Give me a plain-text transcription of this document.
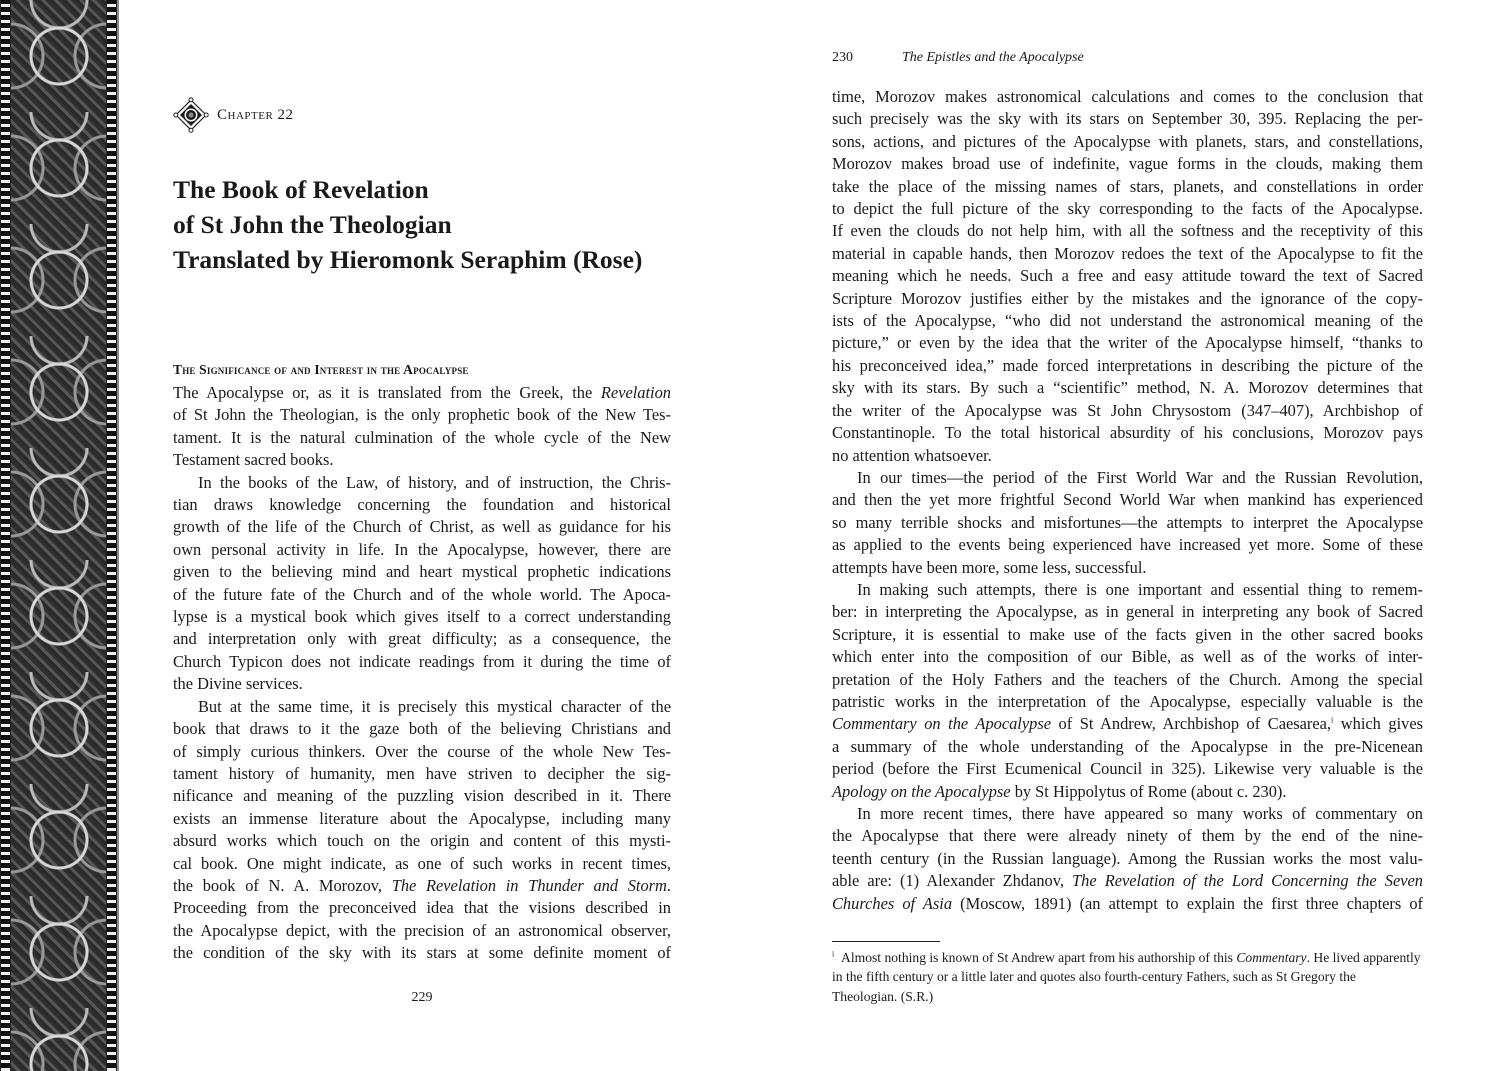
Chapter 22
The Book of Revelation
of St John the Theologian
Translated by Hieromonk Seraphim (Rose)
The Significance of and Interest in the Apocalypse
The Apocalypse or, as it is translated from the Greek, the Revelation
of St John the Theologian, is the only prophetic book of the New Tes-
tament. It is the natural culmination of the whole cycle of the New
Testament sacred books.
In the books of the Law, of history, and of instruction, the Chris-
tian draws knowledge concerning the foundation and historical
growth of the life of the Church of Christ, as well as guidance for his
own personal activity in life. In the Apocalypse, however, there are
given to the believing mind and heart mystical prophetic indications
of the future fate of the Church and of the whole world. The Apoca-
lypse is a mystical book which gives itself to a correct understanding
and interpretation only with great difficulty; as a consequence, the
Church Typicon does not indicate readings from it during the time of
the Divine services.
But at the same time, it is precisely this mystical character of the
book that draws to it the gaze both of the believing Christians and
of simply curious thinkers. Over the course of the whole New Tes-
tament history of humanity, men have striven to decipher the sig-
nificance and meaning of the puzzling vision described in it. There
exists an immense literature about the Apocalypse, including many
absurd works which touch on the origin and content of this mysti-
cal book. One might indicate, as one of such works in recent times,
the book of N. A. Morozov, The Revelation in Thunder and Storm.
Proceeding from the preconceived idea that the visions described in
the Apocalypse depict, with the precision of an astronomical observer,
the condition of the sky with its stars at some definite moment of
229
230	The Epistles and the Apocalypse
time, Morozov makes astronomical calculations and comes to the conclusion that
such precisely was the sky with its stars on September 30, 395. Replacing the per-
sons, actions, and pictures of the Apocalypse with planets, stars, and constellations,
Morozov makes broad use of indefinite, vague forms in the clouds, making them
take the place of the missing names of stars, planets, and constellations in order
to depict the full picture of the sky corresponding to the facts of the Apocalypse.
If even the clouds do not help him, with all the softness and the receptivity of this
material in capable hands, then Morozov redoes the text of the Apocalypse to fit the
meaning which he needs. Such a free and easy attitude toward the text of Sacred
Scripture Morozov justifies either by the mistakes and the ignorance of the copy-
ists of the Apocalypse, “who did not understand the astronomical meaning of the
picture,” or even by the idea that the writer of the Apocalypse himself, “thanks to
his preconceived idea,” made forced interpretations in describing the picture of the
sky with its stars. By such a “scientific” method, N. A. Morozov determines that
the writer of the Apocalypse was St John Chrysostom (347–407), Archbishop of
Constantinople. To the total historical absurdity of his conclusions, Morozov pays
no attention whatsoever.
In our times—the period of the First World War and the Russian Revolution,
and then the yet more frightful Second World War when mankind has experienced
so many terrible shocks and misfortunes—the attempts to interpret the Apocalypse
as applied to the events being experienced have increased yet more. Some of these
attempts have been more, some less, successful.
In making such attempts, there is one important and essential thing to remem-
ber: in interpreting the Apocalypse, as in general in interpreting any book of Sacred
Scripture, it is essential to make use of the facts given in the other sacred books
which enter into the composition of our Bible, as well as of the works of inter-
pretation of the Holy Fathers and the teachers of the Church. Among the special
patristic works in the interpretation of the Apocalypse, especially valuable is the
Commentary on the Apocalypse of St Andrew, Archbishop of Caesarea,$^i$ which gives
a summary of the whole understanding of the Apocalypse in the pre-Nicenean
period (before the First Ecumenical Council in 325). Likewise very valuable is the
Apology on the Apocalypse by St Hippolytus of Rome (about c. 230).
In more recent times, there have appeared so many works of commentary on
the Apocalypse that there were already ninety of them by the end of the nine-
teenth century (in the Russian language). Among the Russian works the most valu-
able are: (1) Alexander Zhdanov, The Revelation of the Lord Concerning the Seven
Churches of Asia (Moscow, 1891) (an attempt to explain the first three chapters of
$^i$ Almost nothing is known of St Andrew apart from his authorship of this Commentary. He lived apparently in the fifth century or a little later and quotes also fourth-century Fathers, such as St Gregory the Theologian. (S.R.)
